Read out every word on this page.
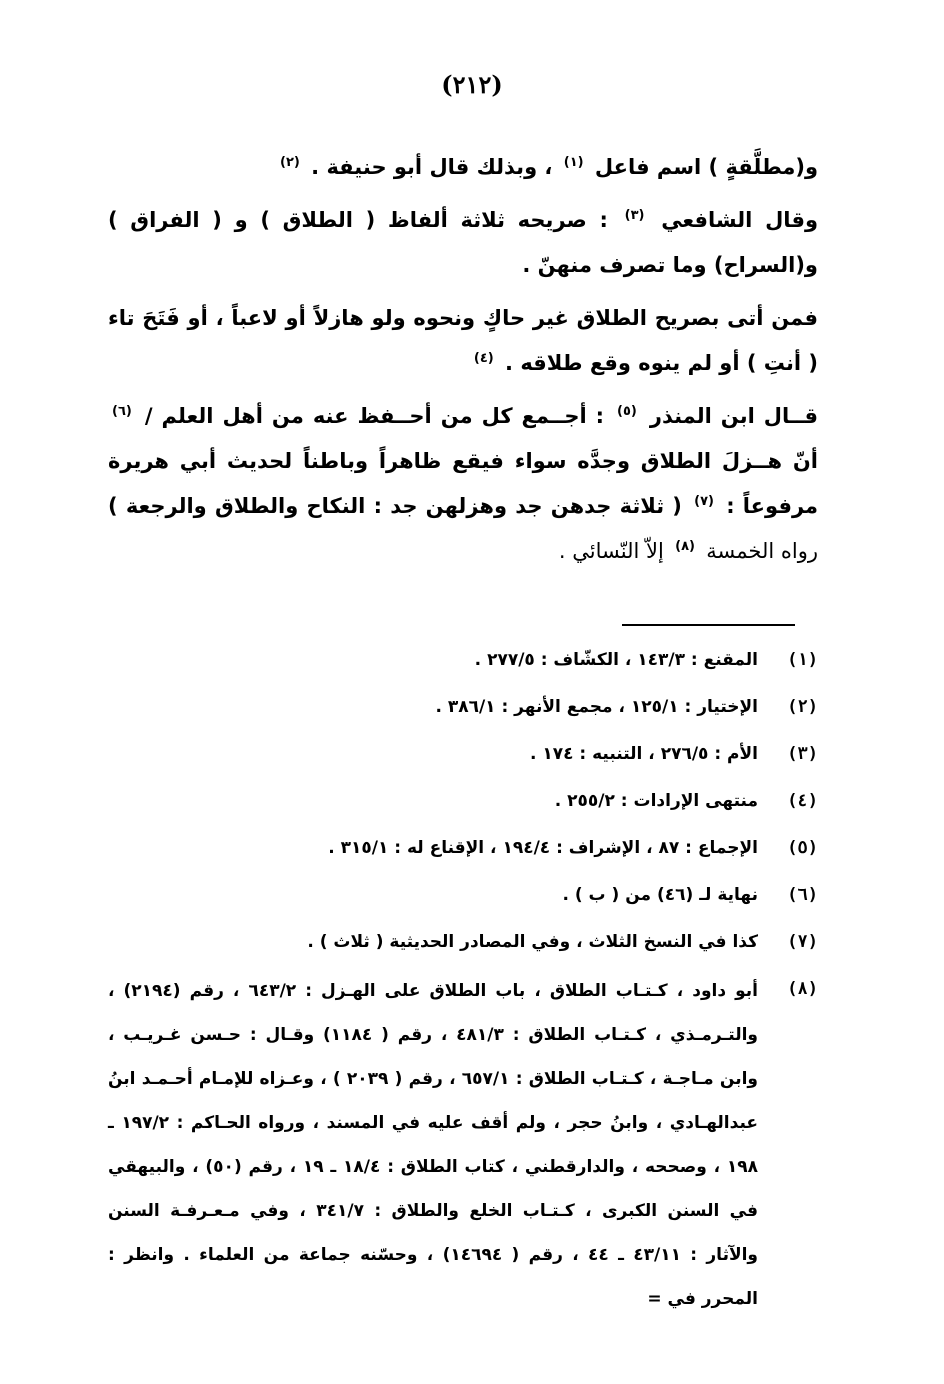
(٢١٢)

و(مطلَّقةٍ ) اسم فاعل $^{(١)}$ ، وبذلك قال أبو حنيفة . $^{(٢)}$

وقال الشافعي $^{(٣)}$ : صريحه ثلاثة ألفاظ ( الطلاق ) و ( الفراق ) و(السراح) وما تصرف منهنّ .

فمن أتى بصريح الطلاق غير حاكٍ ونحوه ولو هازلاً أو لاعباً ، أو فَتَحَ تاء ( أنتِ ) أو لم ينوه وقع طلاقه . $^{(٤)}$

قــال ابن المنذر $^{(٥)}$ : أجــمع كل من أحــفظ عنه من أهل العلم / $^{(٦)}$ أنّ هــزلَ الطلاق وجدَّه سواء فيقع ظاهراً وباطناً لحديث أبي هريرة مرفوعاً : $^{(٧)}$ ( ثلاثة جدهن جد وهزلهن جد : النكاح والطلاق والرجعة ) رواه الخمسة $^{(٨)}$ إلاّ النّسائي .

(١)
المقنع : ١٤٣/٣ ، الكشّاف : ٢٧٧/٥ .
(٢)
الإختيار : ١٢٥/١ ، مجمع الأنهر : ٣٨٦/١ .
(٣)
الأم : ٢٧٦/٥ ، التنبيه : ١٧٤ .
(٤)
منتهى الإرادات : ٢٥٥/٢ .
(٥)
الإجماع : ٨٧ ، الإشراف : ١٩٤/٤ ، الإقناع له : ٣١٥/١ .
(٦)
نهاية لـ (٤٦) من ( ب ) .
(٧)
كذا في النسخ الثلاث ، وفي المصادر الحديثية ( ثلاث ) .
(٨)
أبو داود ، كـتـاب الطلاق ، باب الطلاق على الهـزل : ٦٤٣/٢ ، رقم (٢١٩٤) ، والتـرمـذي ، كـتـاب الطلاق : ٤٨١/٣ ، رقم ( ١١٨٤) وقـال : حـسن غـريـب ، وابن مـاجـة ، كـتـاب الطلاق : ٦٥٧/١ ، رقم ( ٢٠٣٩ ) ، وعـزاه للإمـام أحـمـد ابنُ عبدالهـادي ، وابنُ حجر ، ولم أقف عليه في المسند ، ورواه الحـاكم : ١٩٧/٢ ـ ١٩٨ ، وصححه ، والدارقطني ، كتاب الطلاق : ١٨/٤ ـ ١٩ ، رقم (٥٠) ، والبيهقي في السنن الكبرى ، كـتـاب الخلع والطلاق : ٣٤١/٧ ، وفي مـعـرفـة السنن والآثار : ٤٣/١١ ـ ٤٤ ، رقم ( ١٤٦٩٤) ، وحسّنه جماعة من العلماء . وانظر : المحرر في =
